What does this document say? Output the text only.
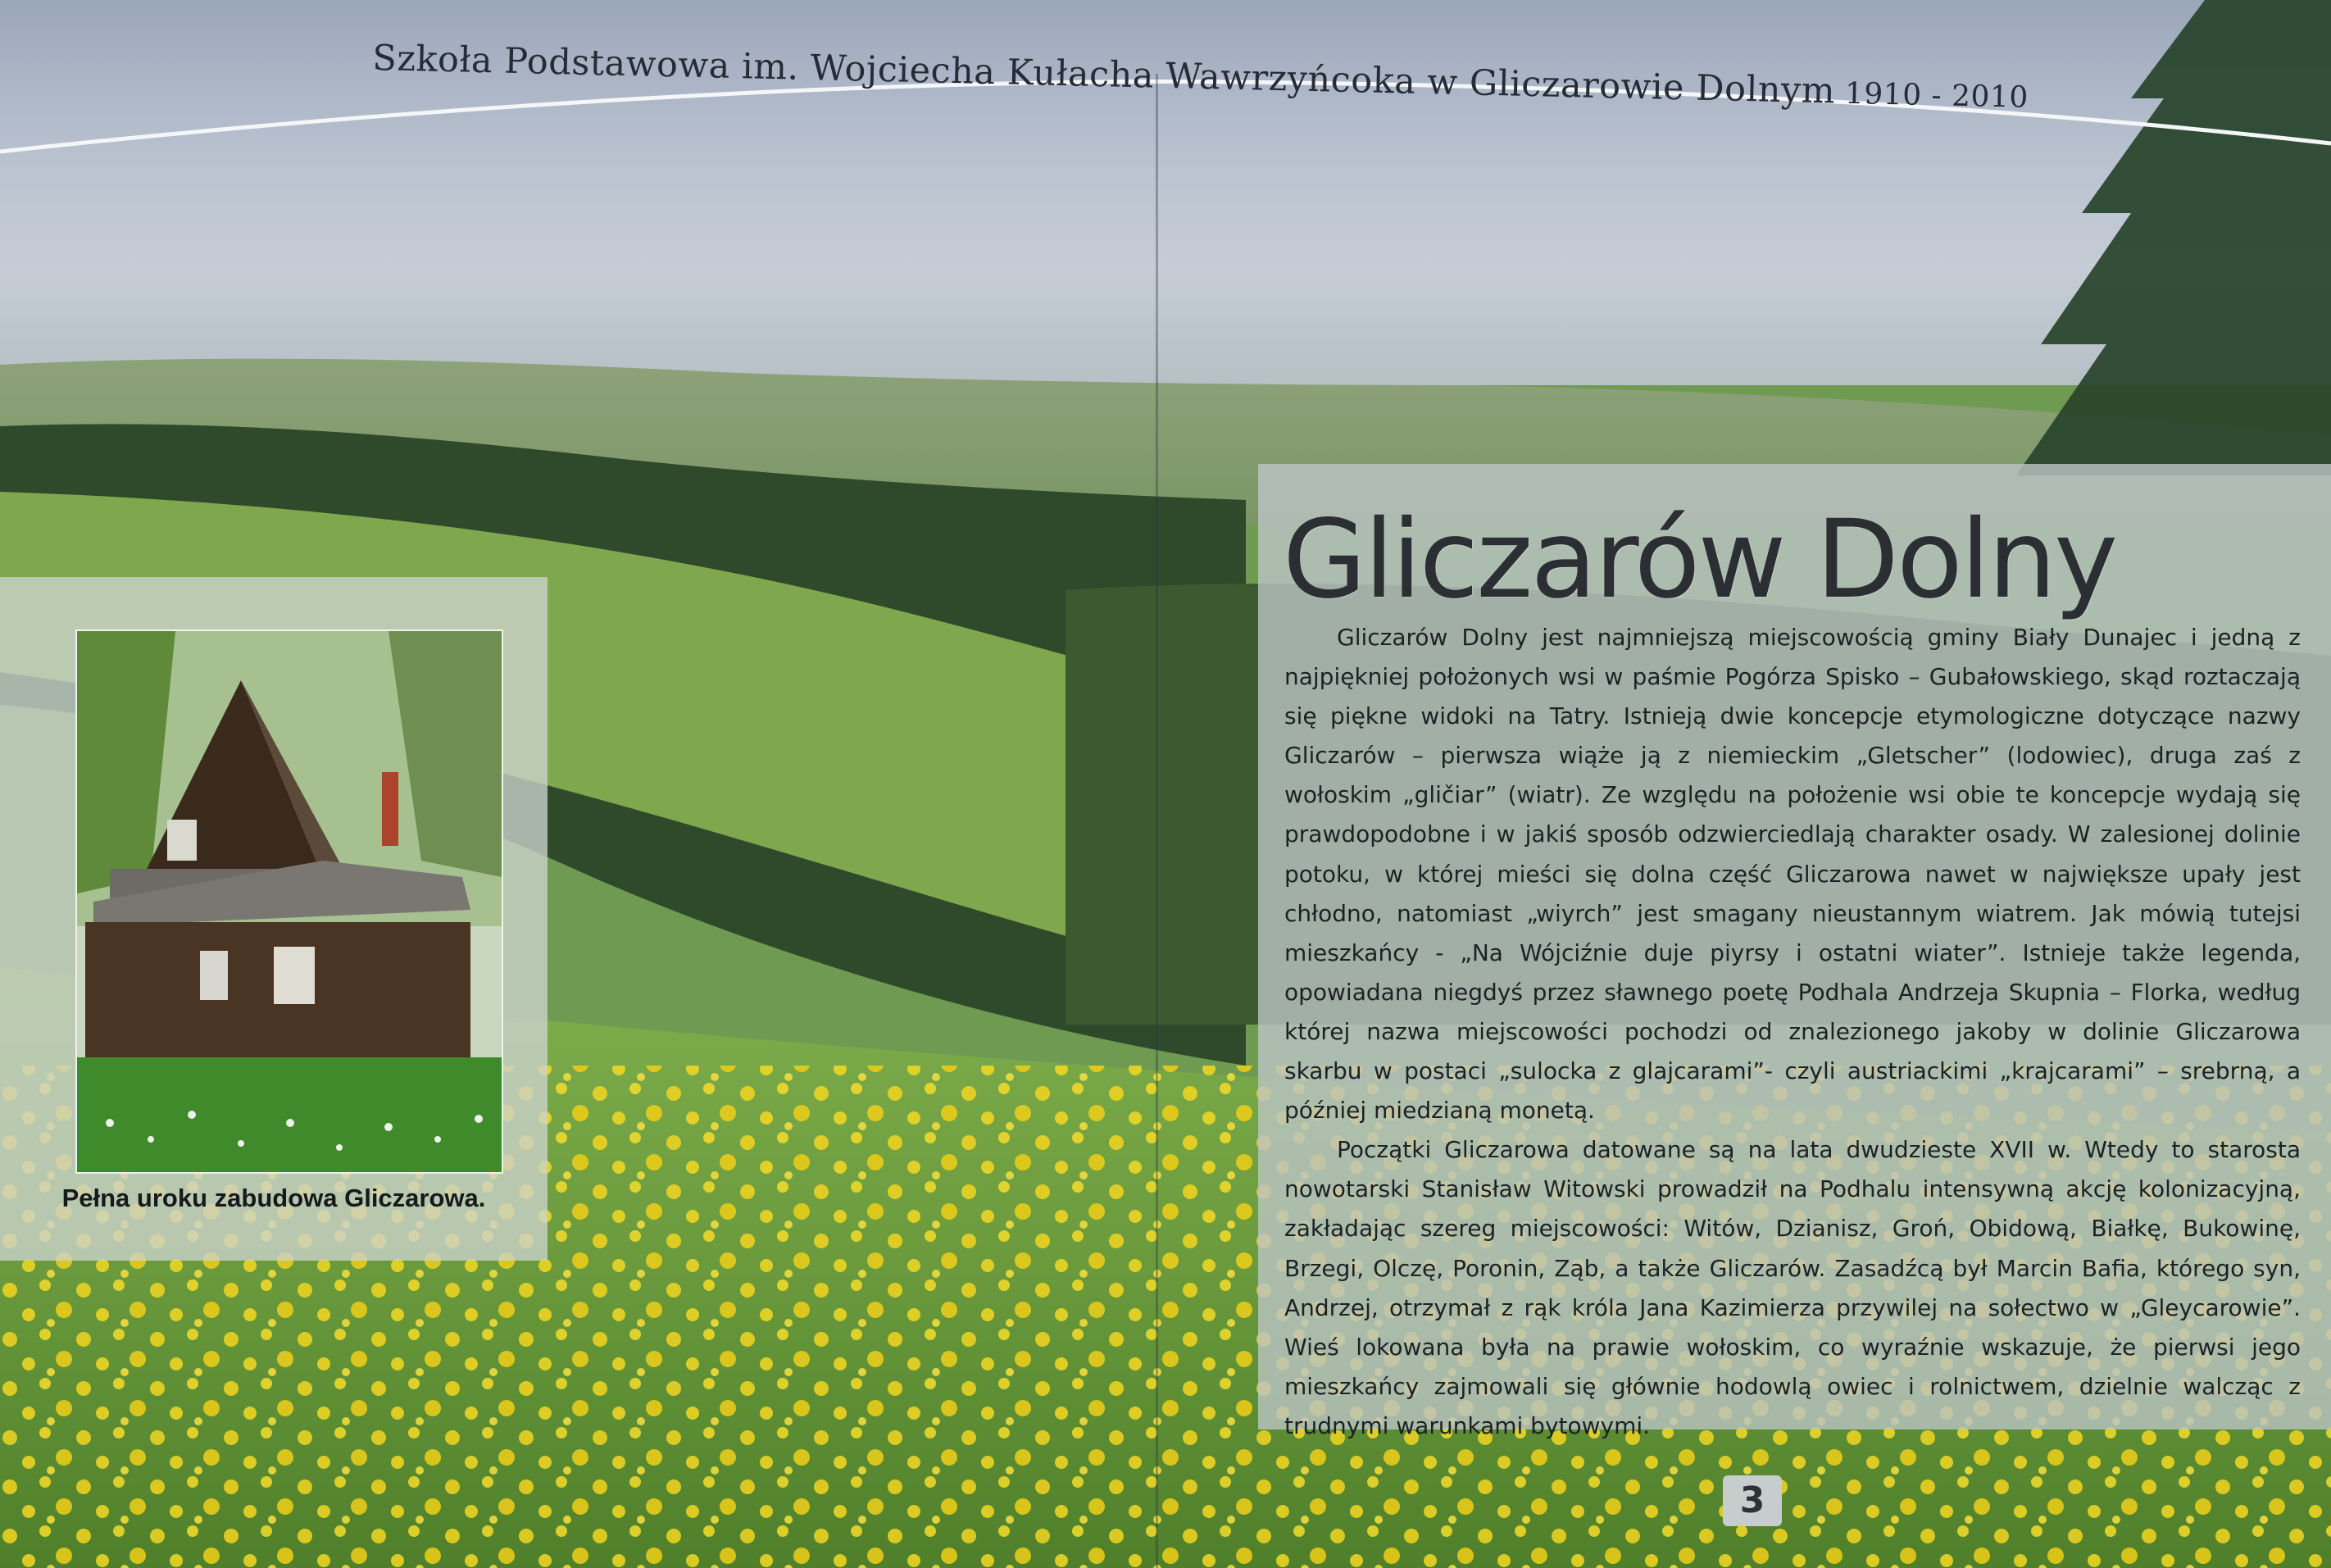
Szkoła Podstawowa im. Wojciecha Kułacha Wawrzyńcoka w Gliczarowie Dolnym 1910 - 2010
Pełna uroku zabudowa Gliczarowa.
Gliczarów Dolny

Gliczarów Dolny jest najmniejszą miejscowością gminy Biały Dunajec i jedną z najpiękniej położonych wsi w paśmie Pogórza Spisko – Gubałowskiego, skąd roztaczają się piękne widoki na Tatry. Istnieją dwie koncepcje etymologiczne dotyczące nazwy Gliczarów – pierwsza wiąże ją z niemieckim „Gletscher” (lodowiec), druga zaś z wołoskim „gličiar” (wiatr). Ze względu na położenie wsi obie te koncepcje wydają się prawdopodobne i w jakiś sposób odzwierciedlają charakter osady. W zalesionej dolinie potoku, w której mieści się dolna część Gliczarowa nawet w największe upały jest chłodno, natomiast „wiyrch” jest smagany nieustannym wiatrem. Jak mówią tutejsi mieszkańcy - „Na Wójciźnie duje piyrsy i ostatni wiater”. Istnieje także legenda, opowiadana niegdyś przez sławnego poetę Podhala Andrzeja Skupnia – Florka, według której nazwa miejscowości pochodzi od znalezionego jakoby w dolinie Gliczarowa skarbu w postaci „sulocka z glajcarami”- czyli austriackimi „krajcarami” – srebrną, a później miedzianą monetą.

Początki Gliczarowa datowane są na lata dwudzieste XVII w. Wtedy to starosta nowotarski Stanisław Witowski prowadził na Podhalu intensywną akcję kolonizacyjną, zakładając szereg miejscowości: Witów, Dzianisz, Groń, Obidową, Białkę, Bukowinę, Brzegi, Olczę, Poronin, Ząb, a także Gliczarów. Zasadźcą był Marcin Bafia, którego syn, Andrzej, otrzymał z rąk króla Jana Kazimierza przywilej na sołectwo w „Gleycarowie”. Wieś lokowana była na prawie wołoskim, co wyraźnie wskazuje, że pierwsi jego mieszkańcy zajmowali się głównie hodowlą owiec i rolnictwem, dzielnie walcząc z trudnymi warunkami bytowymi.

3
